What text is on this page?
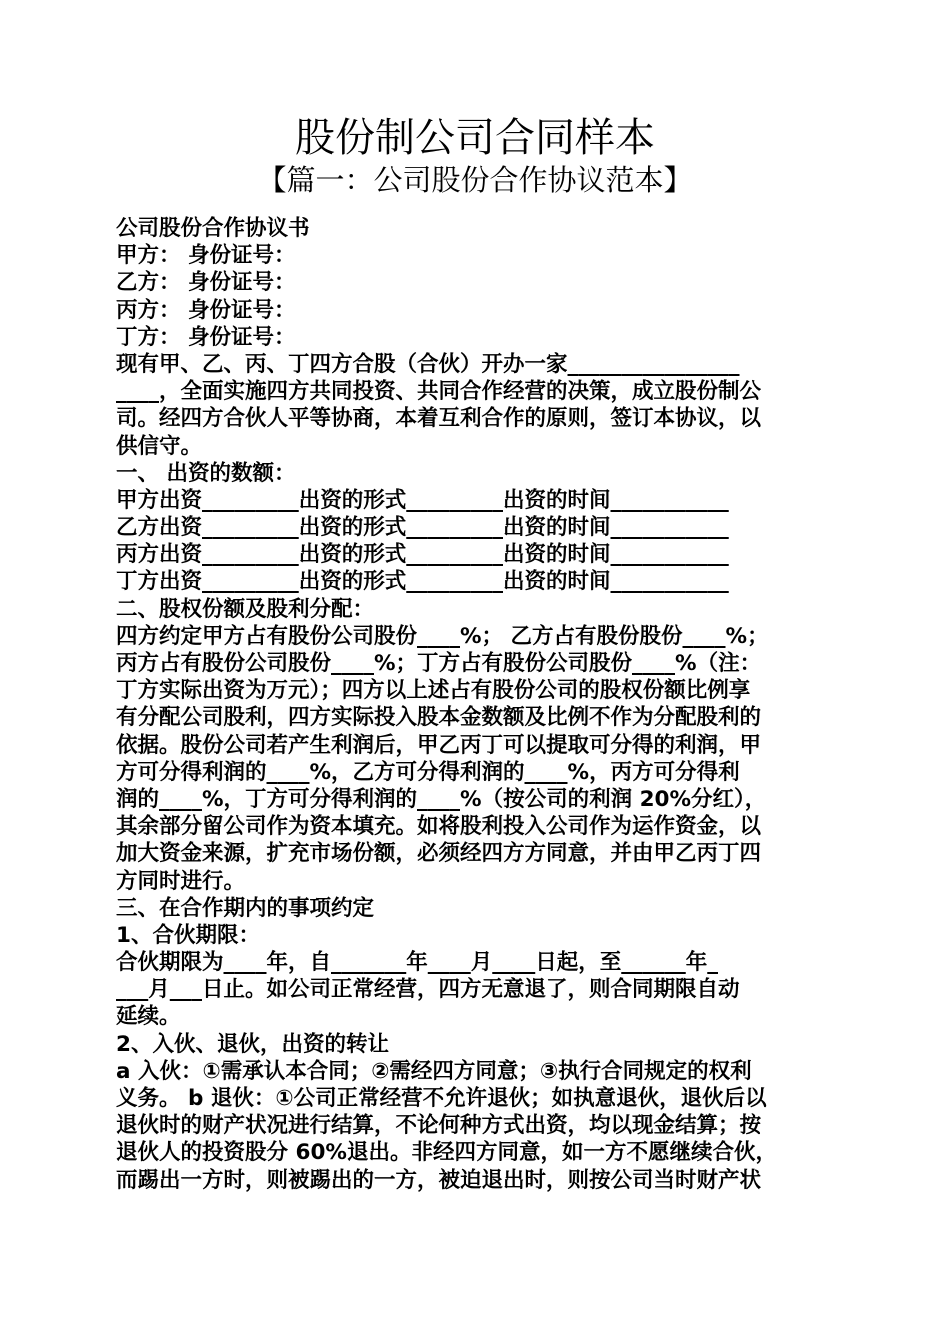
股份制公司合同样本
【篇一：公司股份合作协议范本】
公司股份合作协议书
甲方： 身份证号：
乙方： 身份证号：
丙方： 身份证号：
丁方： 身份证号：
现有甲、乙、丙、丁四方合股（合伙）开办一家________________
____，全面实施四方共同投资、共同合作经营的决策，成立股份制公
司。经四方合伙人平等协商，本着互利合作的原则，签订本协议，以
供信守。
一、 出资的数额：
甲方出资_________出资的形式_________出资的时间___________
乙方出资_________出资的形式_________出资的时间___________
丙方出资_________出资的形式_________出资的时间___________
丁方出资_________出资的形式_________出资的时间___________
二、股权份额及股利分配：
四方约定甲方占有股份公司股份____%； 乙方占有股份股份____%；
丙方占有股份公司股份____%；丁方占有股份公司股份____%（注：
丁方实际出资为万元）；四方以上述占有股份公司的股权份额比例享
有分配公司股利，四方实际投入股本金数额及比例不作为分配股利的
依据。股份公司若产生利润后，甲乙丙丁可以提取可分得的利润，甲
方可分得利润的____%，乙方可分得利润的____%，丙方可分得利
润的____%，丁方可分得利润的____%（按公司的利润 20%分红），
其余部分留公司作为资本填充。如将股利投入公司作为运作资金，以
加大资金来源，扩充市场份额，必须经四方方同意，并由甲乙丙丁四
方同时进行。
三、在合作期内的事项约定
1、合伙期限：
合伙期限为____年，自_______年____月____日起，至______年_
___月___日止。如公司正常经营，四方无意退了，则合同期限自动
延续。
2、入伙、退伙，出资的转让
a 入伙：①需承认本合同；②需经四方同意；③执行合同规定的权利
义务。 b 退伙：①公司正常经营不允许退伙；如执意退伙，退伙后以
退伙时的财产状况进行结算，不论何种方式出资，均以现金结算；按
退伙人的投资股分 60%退出。非经四方同意，如一方不愿继续合伙，
而踢出一方时，则被踢出的一方，被迫退出时，则按公司当时财产状
